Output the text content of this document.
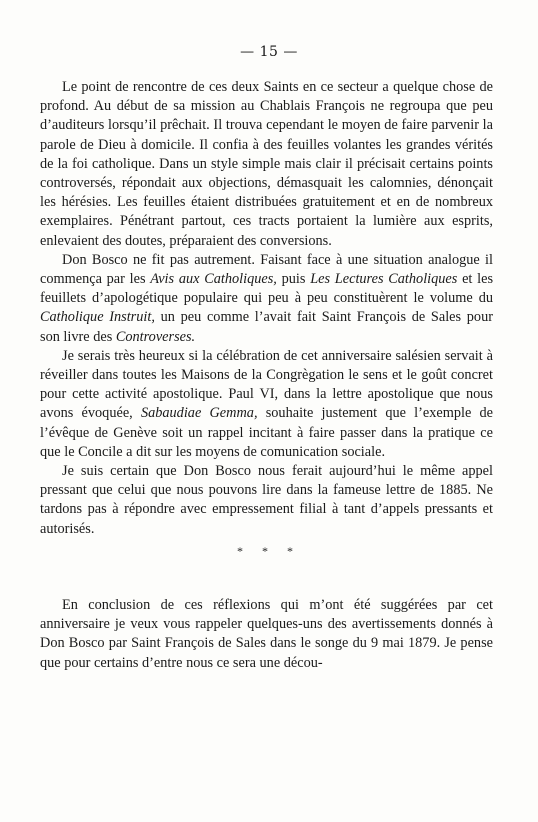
— 15 —

Le point de rencontre de ces deux Saints en ce secteur a quelque chose de profond. Au début de sa mission au Chablais François ne regroupa que peu d’auditeurs lorsqu’il prêchait. Il trouva cependant le moyen de faire parvenir la parole de Dieu à domicile. Il confia à des feuilles volantes les grandes vérités de la foi catholique. Dans un style simple mais clair il précisait certains points controversés, répondait aux objections, démasquait les calomnies, dénonçait les hérésies. Les feuilles étaient distribuées gratuitement et en de nombreux exemplaires. Pénétrant partout, ces tracts portaient la lumière aux esprits, enlevaient des doutes, préparaient des conversions.

Don Bosco ne fit pas autrement. Faisant face à une situation analogue il commença par les Avis aux Catholiques, puis Les Lectures Catholiques et les feuillets d’apologétique populaire qui peu à peu constituèrent le volume du Catholique Instruit, un peu comme l’avait fait Saint François de Sales pour son livre des Controverses.

Je serais très heureux si la célébration de cet anniversaire salésien servait à réveiller dans toutes les Maisons de la Congrègation le sens et le goût concret pour cette activité apostolique. Paul VI, dans la lettre apostolique que nous avons évoquée, Sabaudiae Gemma, souhaite justement que l’exemple de l’évêque de Genève soit un rappel incitant à faire passer dans la pratique ce que le Concile a dit sur les moyens de comunication sociale.

Je suis certain que Don Bosco nous ferait aujourd’hui le même appel pressant que celui que nous pouvons lire dans la fameuse lettre de 1885. Ne tardons pas à répondre avec empressement filial à tant d’appels pressants et autorisés.

* * *

En conclusion de ces réflexions qui m’ont été suggérées par cet anniversaire je veux vous rappeler quelques-uns des avertissements donnés à Don Bosco par Saint François de Sales dans le songe du 9 mai 1879. Je pense que pour certains d’entre nous ce sera une décou-
